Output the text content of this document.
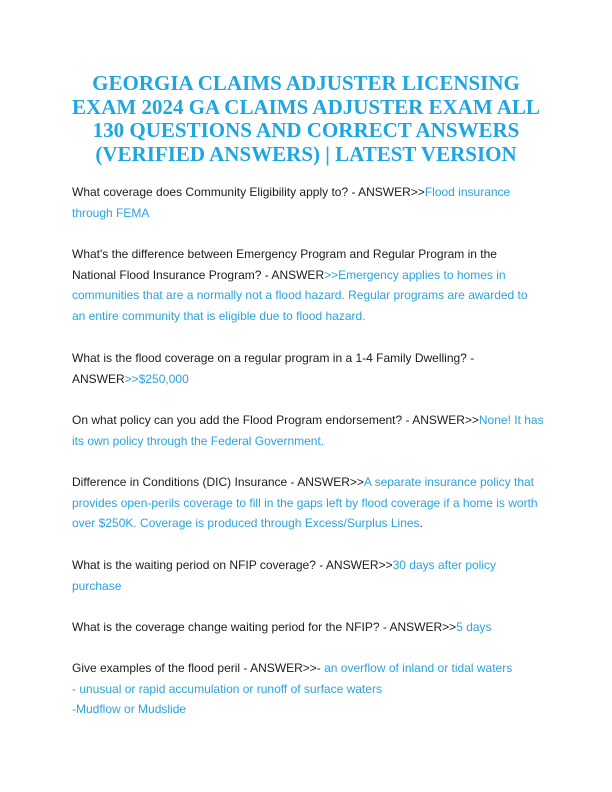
GEORGIA CLAIMS ADJUSTER LICENSING EXAM 2024 GA CLAIMS ADJUSTER EXAM ALL 130 QUESTIONS AND CORRECT ANSWERS (VERIFIED ANSWERS) | LATEST VERSION

What coverage does Community Eligibility apply to? - ANSWER>>Flood insurance through FEMA

What's the difference between Emergency Program and Regular Program in the National Flood Insurance Program? - ANSWER>>Emergency applies to homes in communities that are a normally not a flood hazard. Regular programs are awarded to an entire community that is eligible due to flood hazard.

What is the flood coverage on a regular program in a 1-4 Family Dwelling? - ANSWER>>$250,000

On what policy can you add the Flood Program endorsement? - ANSWER>>None! It has its own policy through the Federal Government.

Difference in Conditions (DIC) Insurance - ANSWER>>A separate insurance policy that provides open-perils coverage to fill in the gaps left by flood coverage if a home is worth over $250K. Coverage is produced through Excess/Surplus Lines.

What is the waiting period on NFIP coverage? - ANSWER>>30 days after policy purchase

What is the coverage change waiting period for the NFIP? - ANSWER>>5 days

Give examples of the flood peril - ANSWER>>- an overflow of inland or tidal waters
- unusual or rapid accumulation or runoff of surface waters
-Mudflow or Mudslide
